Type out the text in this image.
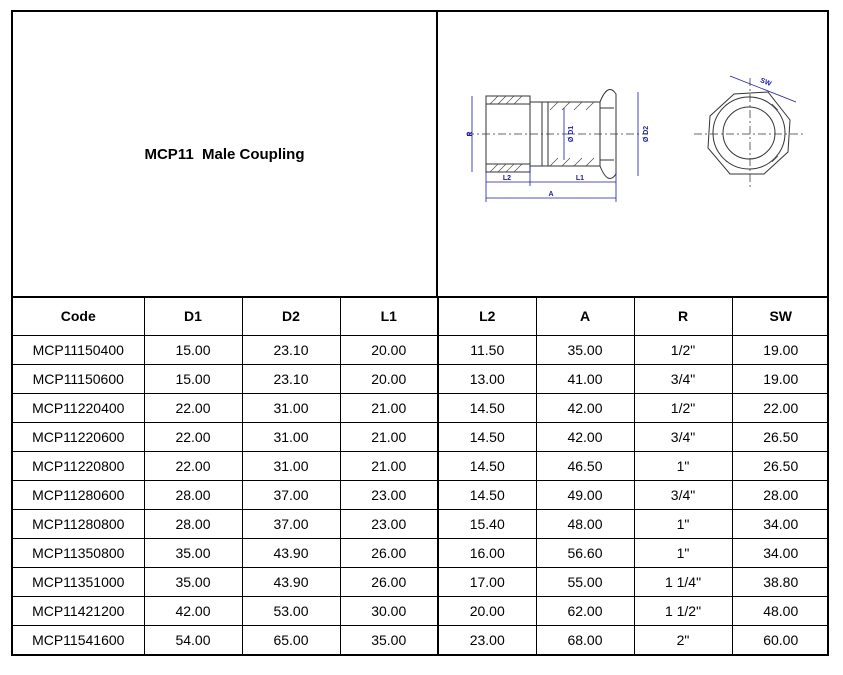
MCP11  Male Coupling
R	Ø D1	Ø D2
L2	L1
A
SW
Code	D1	D2	L1	L2	A	R	SW
MCP11150400	15.00	23.10	20.00	11.50	35.00	1/2"	19.00
MCP11150600	15.00	23.10	20.00	13.00	41.00	3/4"	19.00
MCP11220400	22.00	31.00	21.00	14.50	42.00	1/2"	22.00
MCP11220600	22.00	31.00	21.00	14.50	42.00	3/4"	26.50
MCP11220800	22.00	31.00	21.00	14.50	46.50	1"	26.50
MCP11280600	28.00	37.00	23.00	14.50	49.00	3/4"	28.00
MCP11280800	28.00	37.00	23.00	15.40	48.00	1"	34.00
MCP11350800	35.00	43.90	26.00	16.00	56.60	1"	34.00
MCP11351000	35.00	43.90	26.00	17.00	55.00	1 1/4"	38.80
MCP11421200	42.00	53.00	30.00	20.00	62.00	1 1/2"	48.00
MCP11541600	54.00	65.00	35.00	23.00	68.00	2"	60.00
